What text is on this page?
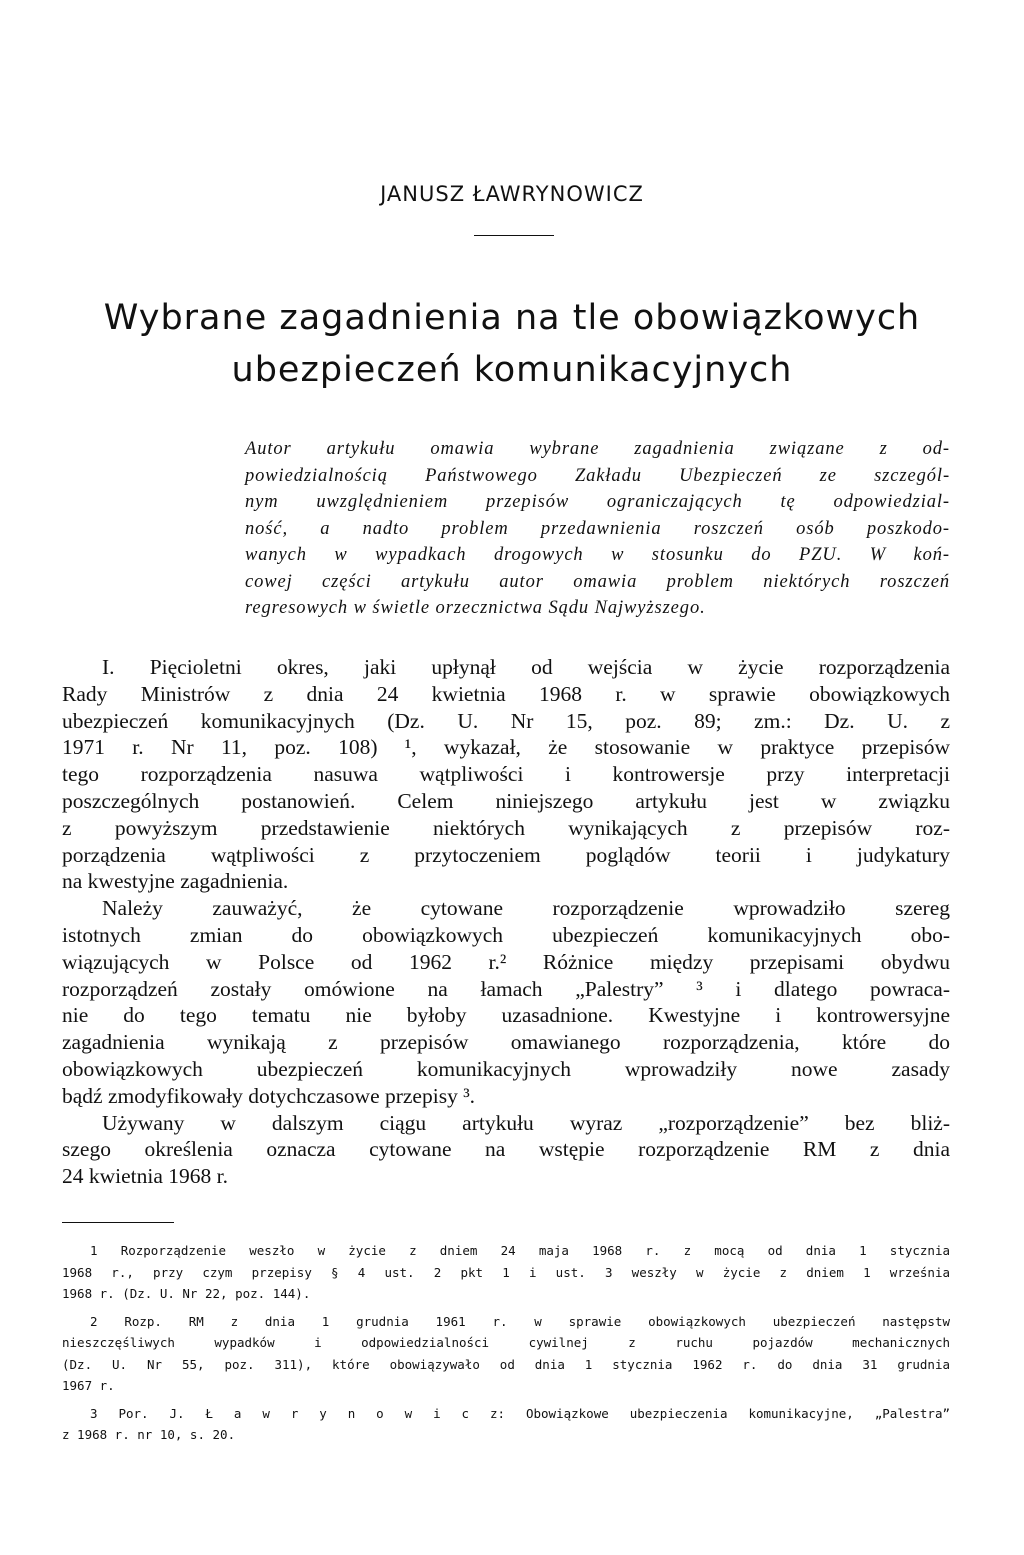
JANUSZ ŁAWRYNOWICZ
Wybrane zagadnienia na tle obowiązkowych
ubezpieczeń komunikacyjnych
Autor artykułu omawia wybrane zagadnienia związane z od-
powiedzialnością Państwowego Zakładu Ubezpieczeń ze szczegól-
nym uwzględnieniem przepisów ograniczających tę odpowiedzial-
ność, a nadto problem przedawnienia roszczeń osób poszkodo-
wanych w wypadkach drogowych w stosunku do PZU. W koń-
cowej części artykułu autor omawia problem niektórych roszczeń
regresowych w świetle orzecznictwa Sądu Najwyższego.
I. Pięcioletni okres, jaki upłynął od wejścia w życie rozporządzenia
Rady Ministrów z dnia 24 kwietnia 1968 r. w sprawie obowiązkowych
ubezpieczeń komunikacyjnych (Dz. U. Nr 15, poz. 89; zm.: Dz. U. z
1971 r. Nr 11, poz. 108) ¹, wykazał, że stosowanie w praktyce przepisów
tego rozporządzenia nasuwa wątpliwości i kontrowersje przy interpretacji
poszczególnych postanowień. Celem niniejszego artykułu jest w związku
z powyższym przedstawienie niektórych wynikających z przepisów roz-
porządzenia wątpliwości z przytoczeniem poglądów teorii i judykatury
na kwestyjne zagadnienia.
Należy zauważyć, że cytowane rozporządzenie wprowadziło szereg
istotnych zmian do obowiązkowych ubezpieczeń komunikacyjnych obo-
wiązujących w Polsce od 1962 r.² Różnice między przepisami obydwu
rozporządzeń zostały omówione na łamach „Palestry” ³ i dlatego powraca-
nie do tego tematu nie byłoby uzasadnione. Kwestyjne i kontrowersyjne
zagadnienia wynikają z przepisów omawianego rozporządzenia, które do
obowiązkowych ubezpieczeń komunikacyjnych wprowadziły nowe zasady
bądź zmodyfikowały dotychczasowe przepisy ³.
Używany w dalszym ciągu artykułu wyraz „rozporządzenie” bez bliż-
szego określenia oznacza cytowane na wstępie rozporządzenie RM z dnia
24 kwietnia 1968 r.
1 Rozporządzenie weszło w życie z dniem 24 maja 1968 r. z mocą od dnia 1 stycznia
1968 r., przy czym przepisy § 4 ust. 2 pkt 1 i ust. 3 weszły w życie z dniem 1 września
1968 r. (Dz. U. Nr 22, poz. 144).
2 Rozp. RM z dnia 1 grudnia 1961 r. w sprawie obowiązkowych ubezpieczeń następstw
nieszczęśliwych wypadków i odpowiedzialności cywilnej z ruchu pojazdów mechanicznych
(Dz. U. Nr 55, poz. 311), które obowiązywało od dnia 1 stycznia 1962 r. do dnia 31 grudnia
1967 r.
3 Por. J. Ł a w r y n o w i c z: Obowiązkowe ubezpieczenia komunikacyjne, „Palestra”
z 1968 r. nr 10, s. 20.
